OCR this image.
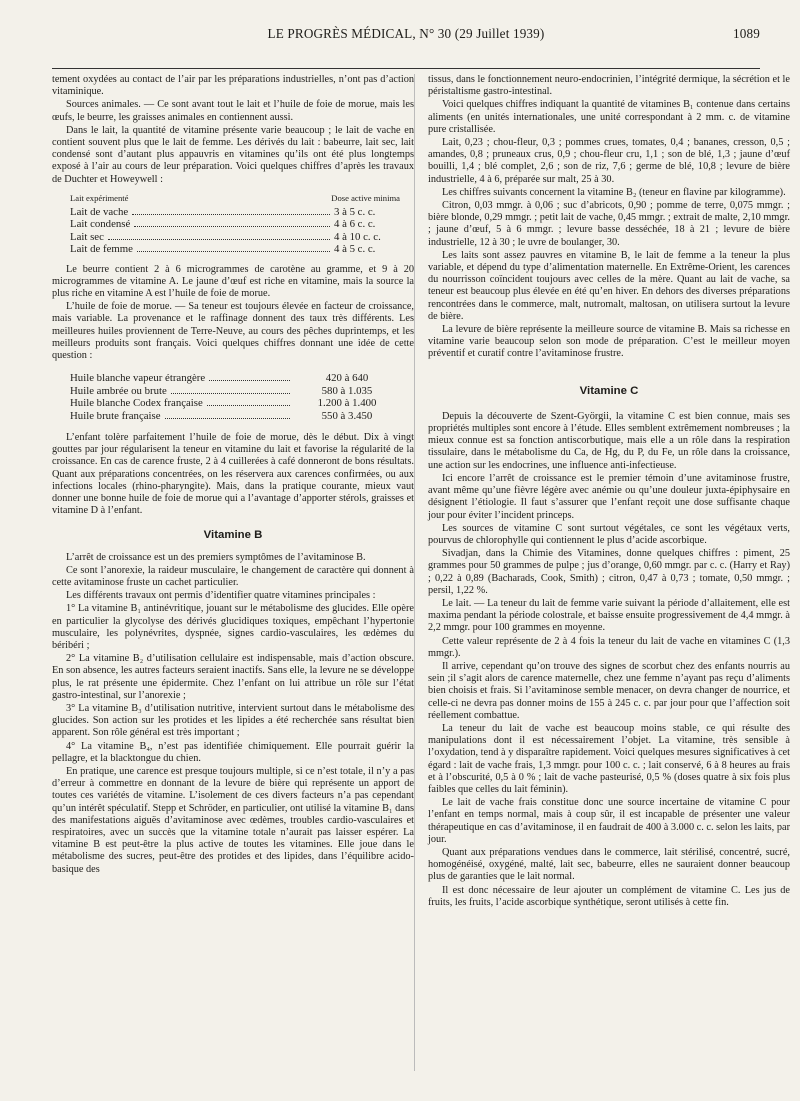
LE PROGRÈS MÉDICAL, N° 30 (29 Juillet 1939)	1089

tement oxydées au contact de l’air par les préparations industrielles, n’ont pas d’action vitaminique.

Sources animales. — Ce sont avant tout le lait et l’huile de foie de morue, mais les œufs, le beurre, les graisses animales en contiennent aussi.

Dans le lait, la quantité de vitamine présente varie beaucoup ; le lait de vache en contient souvent plus que le lait de femme. Les dérivés du lait : babeurre, lait sec, lait condensé sont d’autant plus appauvris en vitamines qu’ils ont été plus longtemps exposé à l’air au cours de leur préparation. Voici quelques chiffres d’après les travaux de Duchter et Howeywell :

Lait expérimenté	Dose active minima
Lait de vache	3 à 5 c. c.
Lait condensé	4 à 6 c. c.
Lait sec	4 à 10 c. c.
Lait de femme	4 à 5 c. c.

Le beurre contient 2 à 6 microgrammes de carotène au gramme, et 9 à 20 microgrammes de vitamine A. Le jaune d’œuf est riche en vitamine, mais la source la plus riche en vitamine A est l’huile de foie de morue.

L’huile de foie de morue. — Sa teneur est toujours élevée en facteur de croissance, mais variable. La provenance et le raffinage donnent des taux très différents. Les meilleures huiles proviennent de Terre-Neuve, au cours des pêches duprintemps, et les meilleurs produits sont français. Voici quelques chiffres donnant une idée de cette question :

Huile blanche vapeur étrangère	420 à 640
Huile ambrée ou brute	580 à 1.035
Huile blanche Codex française	1.200 à 1.400
Huile brute française	550 à 3.450

L’enfant tolère parfaitement l’huile de foie de morue, dès le début. Dix à vingt gouttes par jour régularisent la teneur en vitamine du lait et favorise la régularité de la croissance. En cas de carence fruste, 2 à 4 cuillerées à café donneront de bons résultats. Quant aux préparations concentrées, on les réservera aux carences confirmées, ou aux infections locales (rhino-pharyngite). Mais, dans la pratique courante, mieux vaut donner une bonne huile de foie de morue qui a l’avantage d’apporter stérols, graisses et vitamine D à l’enfant.

Vitamine B

L’arrêt de croissance est un des premiers symptômes de l’avitaminose B.

Ce sont l’anorexie, la raideur musculaire, le changement de caractère qui donnent à cette avitaminose fruste un cachet particulier.

Les différents travaux ont permis d’identifier quatre vitamines principales :

1° La vitamine B₁ antinévritique, jouant sur le métabolisme des glucides. Elle opère en particulier la glycolyse des dérivés glucidiques toxiques, empêchant l’hypertonie musculaire, les polynévrites, dyspnée, signes cardio-vasculaires, les œdèmes du béribéri ;

2° La vitamine B₂ d’utilisation cellulaire est indispensable, mais d’action obscure. En son absence, les autres facteurs seraient inactifs. Sans elle, la levure ne se développe plus, le rat présente une épidermite. Chez l’enfant on lui attribue un rôle sur l’état gastro-intestinal, sur l’anorexie ;

3° La vitamine B₃ d’utilisation nutritive, intervient surtout dans le métabolisme des glucides. Son action sur les protides et les lipides a été recherchée sans résultat bien apparent. Son rôle général est très important ;

4° La vitamine B₄, n’est pas identifiée chimiquement. Elle pourrait guérir la pellagre, et la blacktongue du chien.

En pratique, une carence est presque toujours multiple, si ce n’est totale, il n’y a pas d’erreur à commettre en donnant de la levure de bière qui représente un apport de toutes ces variétés de vitamine. L’isolement de ces divers facteurs n’a pas cependant qu’un intérêt spéculatif. Stepp et Schröder, en particulier, ont utilisé la vitamine B₁ dans des manifestations aiguës d’avitaminose avec œdèmes, troubles cardio-vasculaires et respiratoires, avec un succès que la vitamine totale n’aurait pas laisser espérer. La vitamine B est peut-être la plus active de toutes les vitamines. Elle joue dans le métabolisme des sucres, peut-être des protides et des lipides, dans l’équilibre acido-basique des

tissus, dans le fonctionnement neuro-endocrinien, l’intégrité dermique, la sécrétion et le péristaltisme gastro-intestinal.

Voici quelques chiffres indiquant la quantité de vitamines B₁ contenue dans certains aliments (en unités internationales, une unité correspondant à 2 mm. c. de vitamine pure cristallisée.

Lait, 0,23 ; chou-fleur, 0,3 ; pommes crues, tomates, 0,4 ; bananes, cresson, 0,5 ; amandes, 0,8 ; pruneaux crus, 0,9 ; chou-fleur cru, 1,1 ; son de blé, 1,3 ; jaune d’œuf bouilli, 1,4 ; blé complet, 2,6 ; son de riz, 7,6 ; germe de blé, 10,8 ; levure de bière industrielle, 4 à 6, préparée sur malt, 25 à 30.

Les chiffres suivants concernent la vitamine B₂ (teneur en flavine par kilogramme).

Citron, 0,03 mmgr. à 0,06 ; suc d’abricots, 0,90 ; pomme de terre, 0,075 mmgr. ; bière blonde, 0,29 mmgr. ; petit lait de vache, 0,45 mmgr. ; extrait de malte, 2,10 mmgr. ; jaune d’œuf, 5 à 6 mmgr. ; levure basse desséchée, 18 à 21 ; levure de bière industrielle, 12 à 30 ; le uvre de boulanger, 30.

Les laits sont assez pauvres en vitamine B, le lait de femme a la teneur la plus variable, et dépend du type d’alimentation maternelle. En Extrême-Orient, les carences du nourrisson coïncident toujours avec celles de la mère. Quant au lait de vache, sa teneur est beaucoup plus élevée en été qu’en hiver. En dehors des diverses préparations rencontrées dans le commerce, malt, nutromalt, maltosan, on utilisera surtout la levure de bière.

La levure de bière représente la meilleure source de vitamine B. Mais sa richesse en vitamine varie beaucoup selon son mode de préparation. C’est le meilleur moyen préventif et curatif contre l’avitaminose frustre.

Vitamine C

Depuis la découverte de Szent-Györgii, la vitamine C est bien connue, mais ses propriétés multiples sont encore à l’étude. Elles semblent extrêmement nombreuses ; la mieux connue est sa fonction antiscorbutique, mais elle a un rôle dans la respiration tissulaire, dans le métabolisme du Ca, de Hg, du P, du Fe, un rôle dans la croissance, une action sur les endocrines, une influence anti-infectieuse.

Ici encore l’arrêt de croissance est le premier témoin d’une avitaminose frustre, avant même qu’une fièvre légère avec anémie ou qu’une douleur juxta-épiphysaire en désignent l’étiologie. Il faut s’assurer que l’enfant reçoit une dose suffisante chaque jour pour éviter l’incident princeps.

Les sources de vitamine C sont surtout végétales, ce sont les végétaux verts, pourvus de chlorophylle qui contiennent le plus d’acide ascorbique.

Sivadjan, dans la Chimie des Vitamines, donne quelques chiffres : piment, 25 grammes pour 50 grammes de pulpe ; jus d’orange, 0,60 mmgr. par c. c. (Harry et Ray) ; 0,22 à 0,89 (Bacharads, Cook, Smith) ; citron, 0,47 à 0,73 ; tomate, 0,50 mmgr. ; persil, 1,22 %.

Le lait. — La teneur du lait de femme varie suivant la période d’allaitement, elle est maxima pendant la période colostrale, et baisse ensuite progressivement de 4,4 mmgr. à 2,2 mmgr. pour 100 grammes en moyenne.

Cette valeur représente de 2 à 4 fois la teneur du lait de vache en vitamines C (1,3 mmgr.).

Il arrive, cependant qu’on trouve des signes de scorbut chez des enfants nourris au sein ;il s’agit alors de carence maternelle, chez une femme n’ayant pas reçu d’aliments bien choisis et frais. Si l’avitaminose semble menacer, on devra changer de nourrice, et celle-ci ne devra pas donner moins de 155 à 245 c. c. par jour pour que l’affection soit réellement combattue.

La teneur du lait de vache est beaucoup moins stable, ce qui résulte des manipulations dont il est nécessairement l’objet. La vitamine, très sensible à l’oxydation, tend à y disparaître rapidement. Voici quelques mesures significatives à cet égard : lait de vache frais, 1,3 mmgr. pour 100 c. c. ; lait conservé, 6 à 8 heures au frais et à l’obscurité, 0,5 à 0 % ; lait de vache pasteurisé, 0,5 % (doses quatre à six fois plus faibles que celles du lait féminin).

Le lait de vache frais constitue donc une source incertaine de vitamine C pour l’enfant en temps normal, mais à coup sûr, il est incapable de présenter une valeur thérapeutique en cas d’avitaminose, il en faudrait de 400 à 3.000 c. c. selon les laits, par jour.

Quant aux préparations vendues dans le commerce, lait stérilisé, concentré, sucré, homogénéisé, oxygéné, malté, lait sec, babeurre, elles ne sauraient donner beaucoup plus de garanties que le lait normal.

Il est donc nécessaire de leur ajouter un complément de vitamine C. Les jus de fruits, les fruits, l’acide ascorbique synthétique, seront utilisés à cette fin.
